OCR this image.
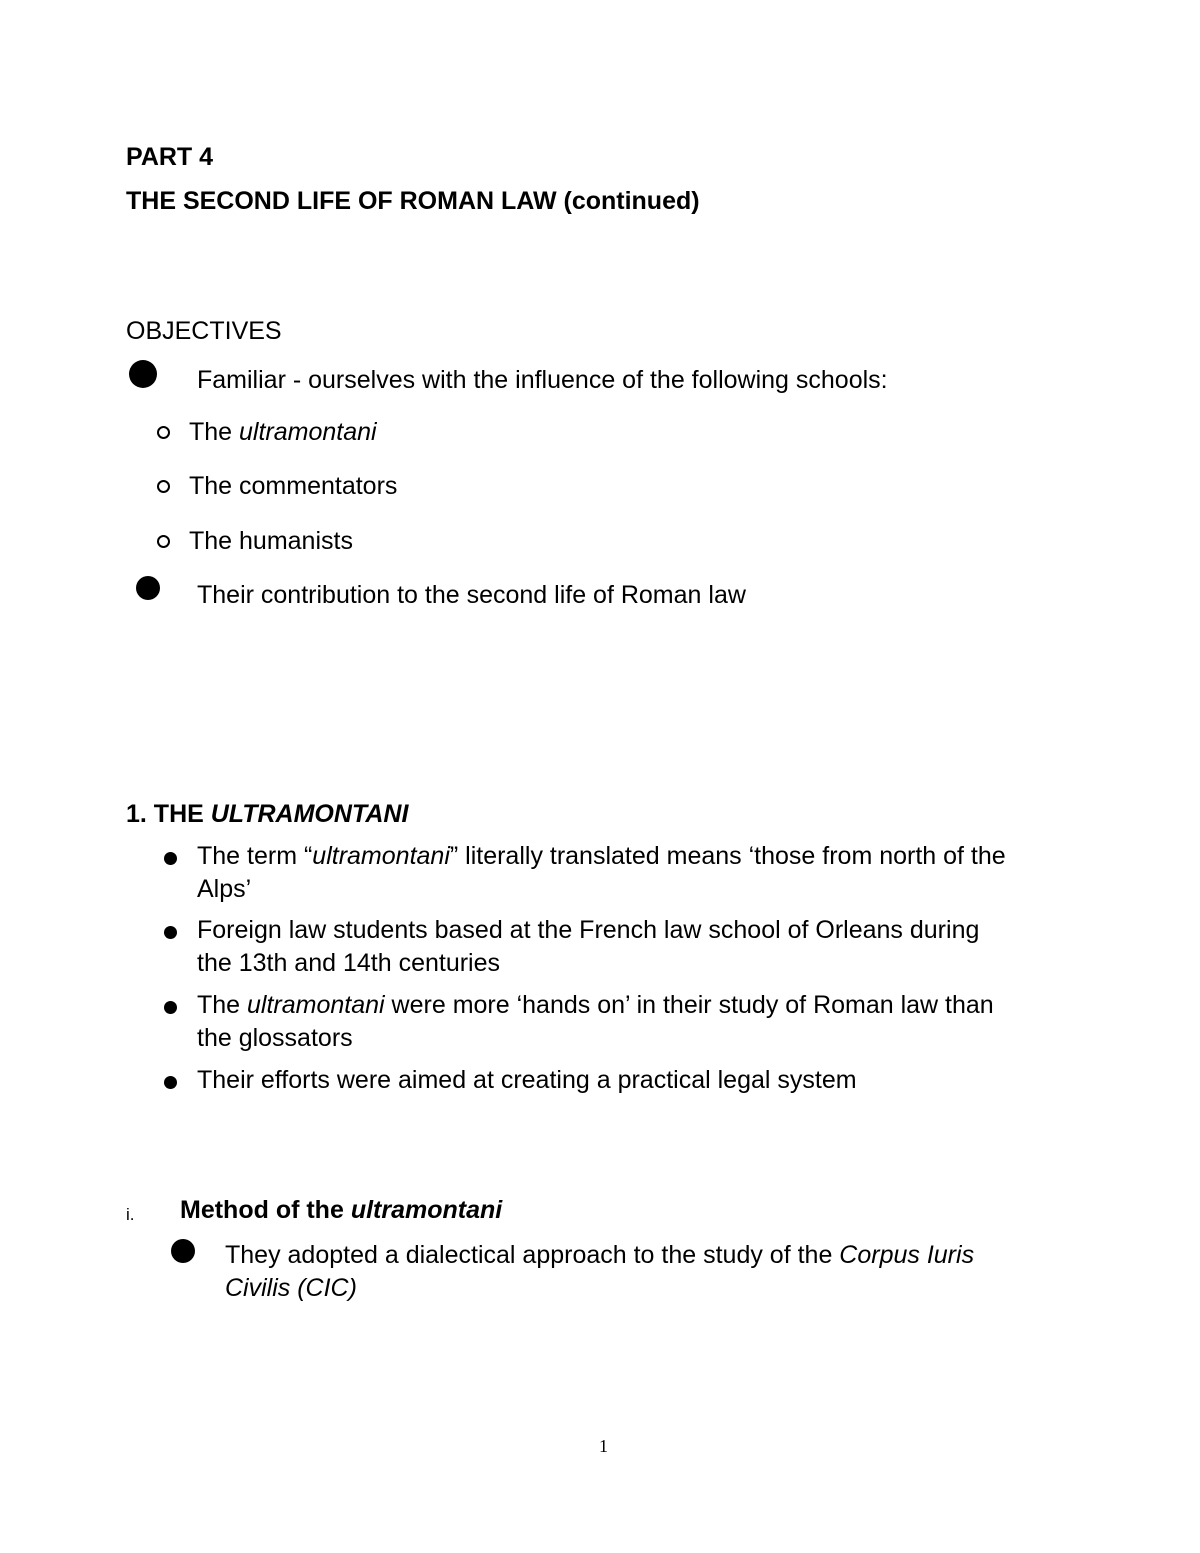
PART 4
THE SECOND LIFE OF ROMAN LAW (continued)
OBJECTIVES
Familiar - ourselves with the influence of the following schools:
The ultramontani
The commentators
The humanists
Their contribution to the second life of Roman law
1. THE ULTRAMONTANI
The term “ultramontani” literally translated means ‘those from north of the
Alps’
Foreign law students based at the French law school of Orleans during
the 13th and 14th centuries
The ultramontani were more ‘hands on’ in their study of Roman law than
the glossators
Their efforts were aimed at creating a practical legal system
i. Method of the ultramontani
They adopted a dialectical approach to the study of the Corpus Iuris
Civilis (CIC)
1
